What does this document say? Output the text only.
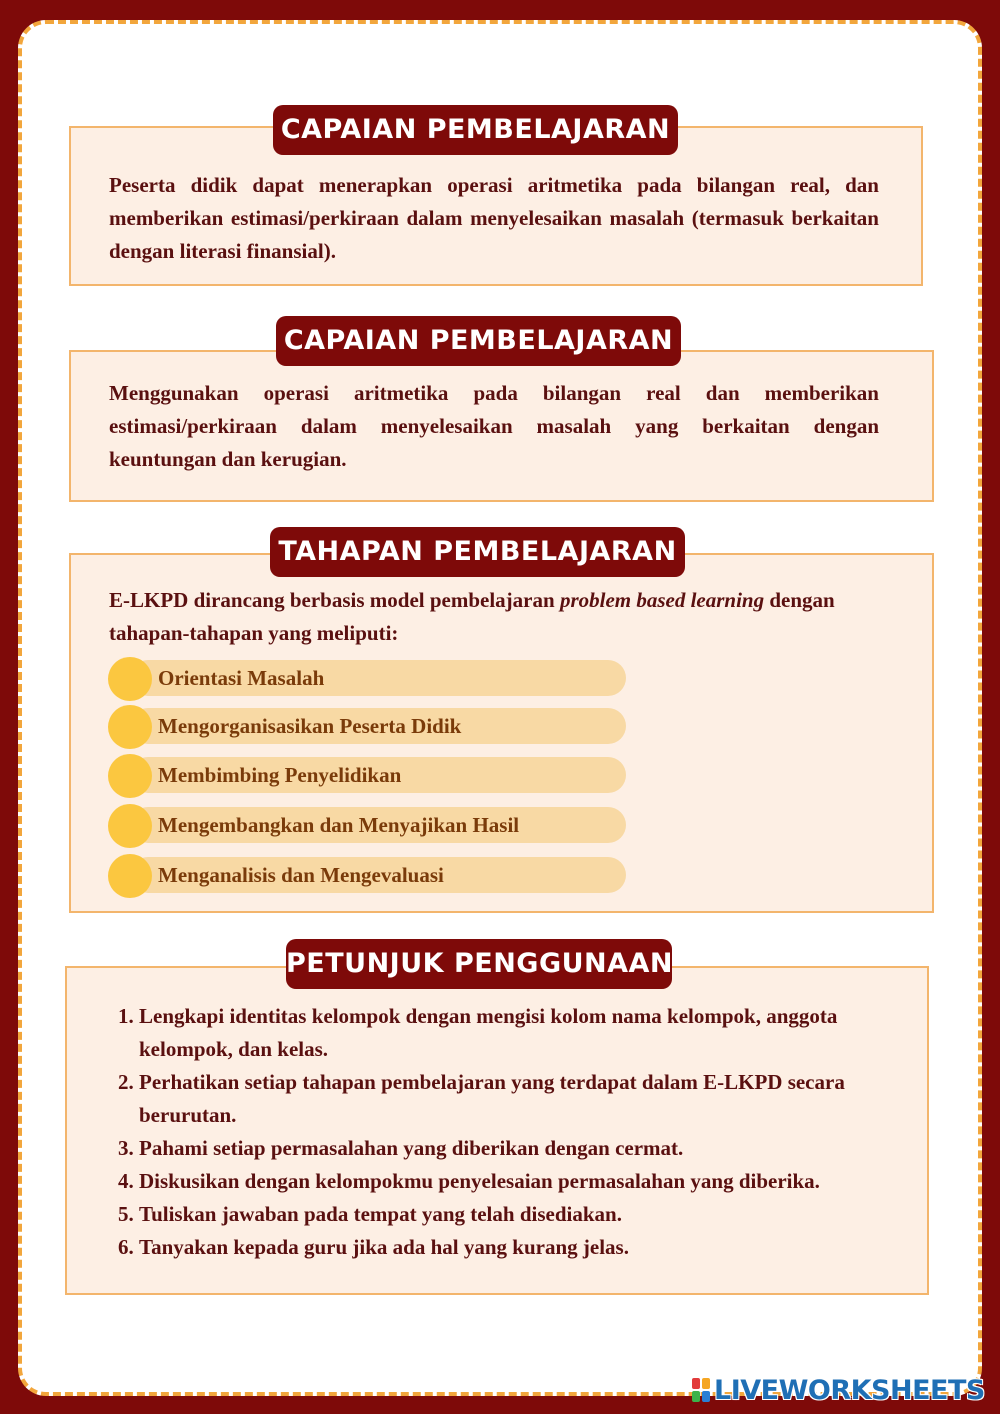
CAPAIAN PEMBELAJARAN

Peserta didik dapat menerapkan operasi aritmetika pada bilangan real, dan memberikan estimasi/perkiraan dalam menyelesaikan masalah (termasuk berkaitan dengan literasi finansial).

CAPAIAN PEMBELAJARAN

Menggunakan operasi aritmetika pada bilangan real dan memberikan estimasi/perkiraan dalam menyelesaikan masalah yang berkaitan dengan keuntungan dan kerugian.

TAHAPAN PEMBELAJARAN

E-LKPD dirancang berbasis model pembelajaran problem based learning dengan tahapan-tahapan yang meliputi:

Orientasi Masalah
Mengorganisasikan Peserta Didik
Membimbing Penyelidikan
Mengembangkan dan Menyajikan Hasil
Menganalisis dan Mengevaluasi
PETUNJUK PENGGUNAAN
1. Lengkapi identitas kelompok dengan mengisi kolom nama kelompok, anggota kelompok, dan kelas.
2. Perhatikan setiap tahapan pembelajaran yang terdapat dalam E-LKPD secara berurutan.
3. Pahami setiap permasalahan yang diberikan dengan cermat.
4. Diskusikan dengan kelompokmu penyelesaian permasalahan yang diberika.
5. Tuliskan jawaban pada tempat yang telah disediakan.
6. Tanyakan kepada guru jika ada hal yang kurang jelas.
LIVEWORKSHEETS
